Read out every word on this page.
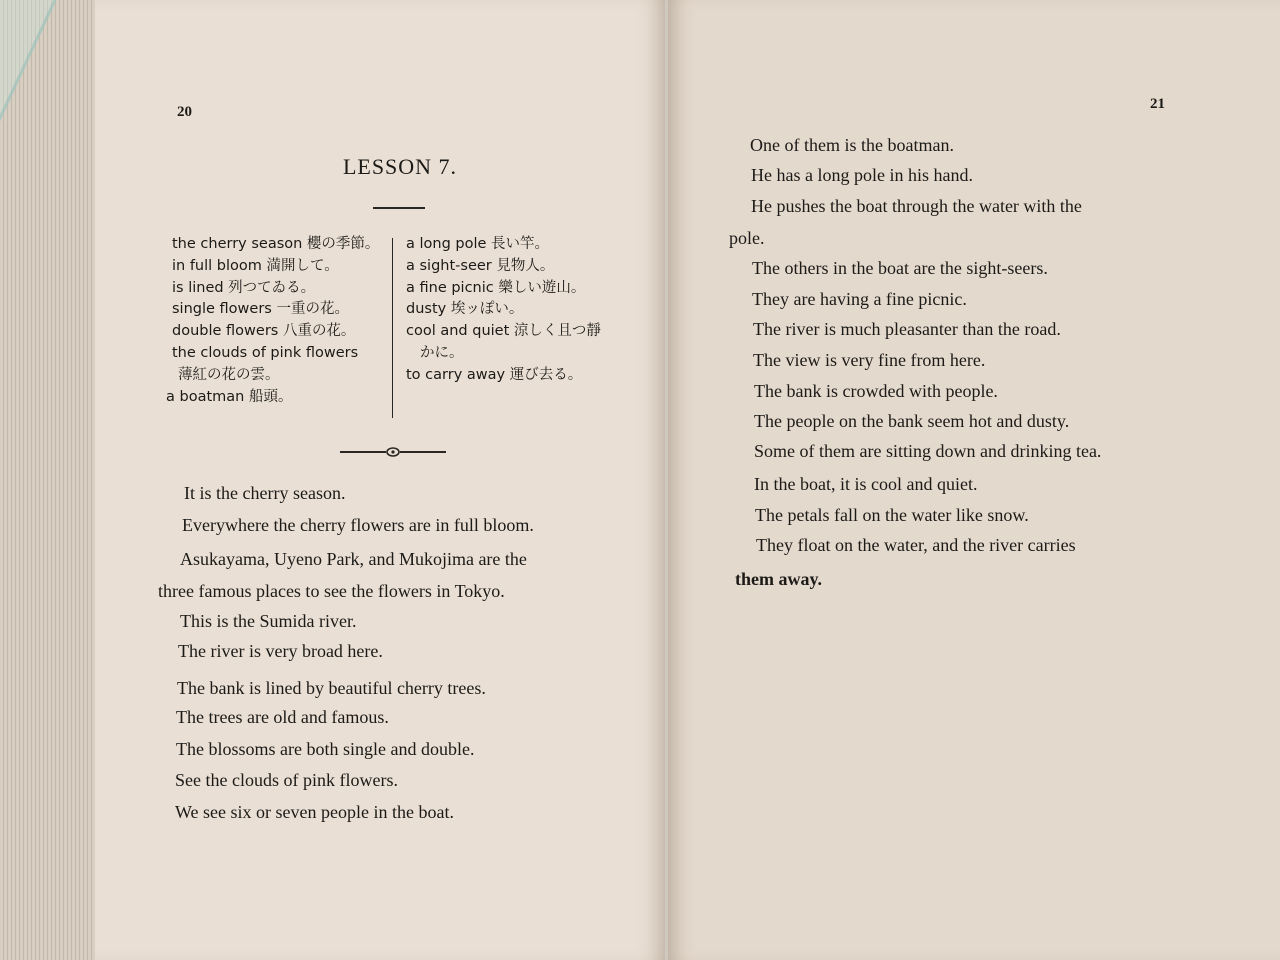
20
LESSON 7.
the cherry season 櫻の季節。
in full bloom 満開して。
is lined 列つてゐる。
single flowers 一重の花。
double flowers 八重の花。
the clouds of pink flowers
薄紅の花の雲。
a boatman 船頭。
a long pole 長い竿。
a sight-seer 見物人。
a fine picnic 樂しい遊山。
dusty 埃ッぽい。
cool and quiet 涼しく且つ靜
かに。
to carry away 運び去る。
It is the cherry season.
Everywhere the cherry flowers are in full bloom.
Asukayama, Uyeno Park, and Mukojima are the
three famous places to see the flowers in Tokyo.
This is the Sumida river.
The river is very broad here.
The bank is lined by beautiful cherry trees.
The trees are old and famous.
The blossoms are both single and double.
See the clouds of pink flowers.
We see six or seven people in the boat.
21
One of them is the boatman.
He has a long pole in his hand.
He pushes the boat through the water with the
pole.
The others in the boat are the sight-seers.
They are having a fine picnic.
The river is much pleasanter than the road.
The view is very fine from here.
The bank is crowded with people.
The people on the bank seem hot and dusty.
Some of them are sitting down and drinking tea.
In the boat, it is cool and quiet.
The petals fall on the water like snow.
They float on the water, and the river carries
them away.
